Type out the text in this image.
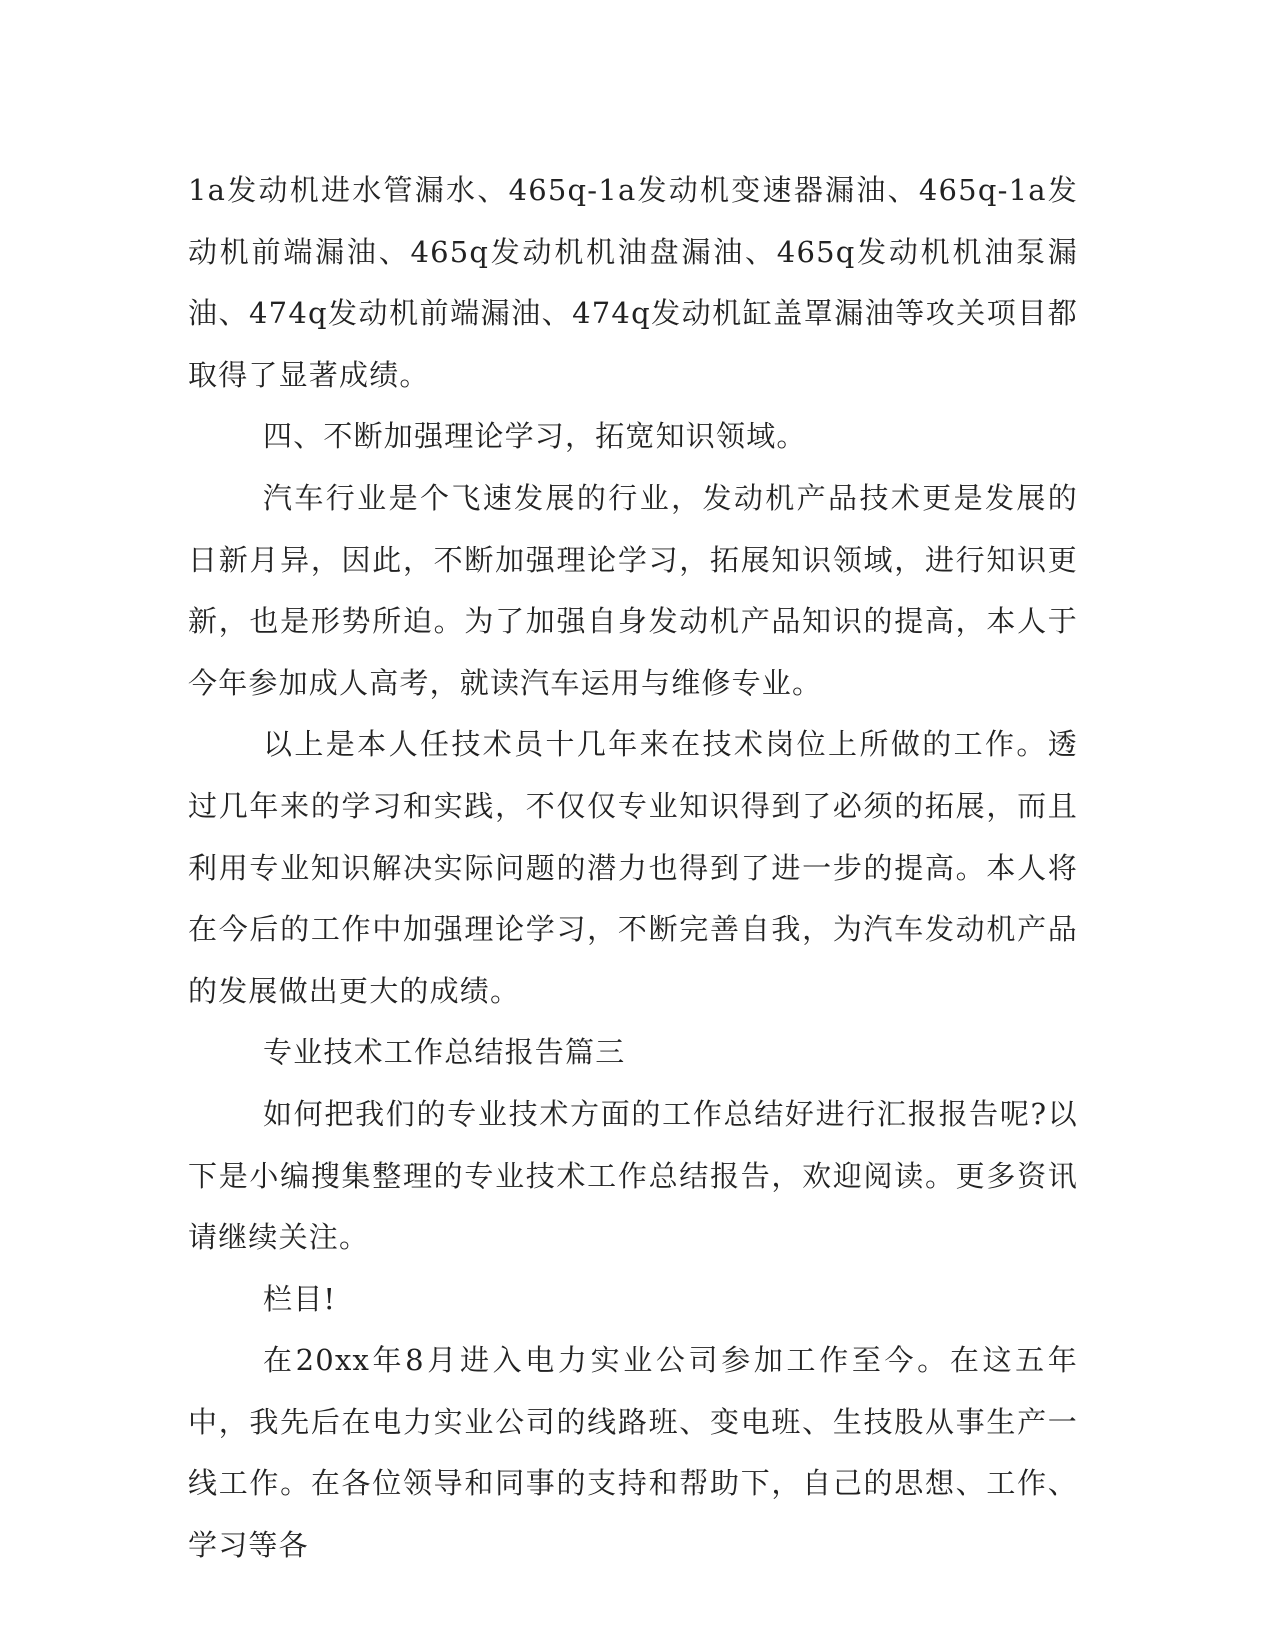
1a发动机进水管漏水、465q-1a发动机变速器漏油、465q-1a发动机前端漏油、465q发动机机油盘漏油、465q发动机机油泵漏油、474q发动机前端漏油、474q发动机缸盖罩漏油等攻关项目都取得了显著成绩。

四、不断加强理论学习，拓宽知识领域。

汽车行业是个飞速发展的行业，发动机产品技术更是发展的日新月异，因此，不断加强理论学习，拓展知识领域，进行知识更新，也是形势所迫。为了加强自身发动机产品知识的提高，本人于今年参加成人高考，就读汽车运用与维修专业。

以上是本人任技术员十几年来在技术岗位上所做的工作。透过几年来的学习和实践，不仅仅专业知识得到了必须的拓展，而且利用专业知识解决实际问题的潜力也得到了进一步的提高。本人将在今后的工作中加强理论学习，不断完善自我，为汽车发动机产品的发展做出更大的成绩。

专业技术工作总结报告篇三

如何把我们的专业技术方面的工作总结好进行汇报报告呢?以下是小编搜集整理的专业技术工作总结报告，欢迎阅读。更多资讯请继续关注。

栏目!

在20xx年8月进入电力实业公司参加工作至今。在这五年中，我先后在电力实业公司的线路班、变电班、生技股从事生产一线工作。在各位领导和同事的支持和帮助下，自己的思想、工作、学习等各
